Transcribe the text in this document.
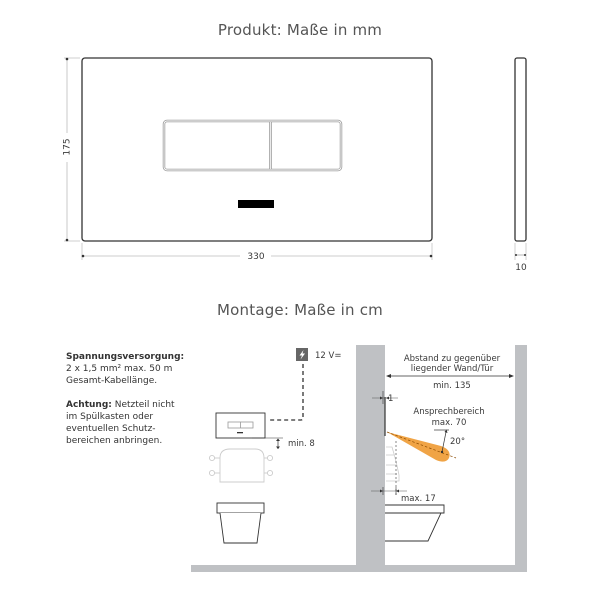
Produkt: Maße in mm
Montage: Maße in cm
175
330
10
12 V=
min. 8
1
20°
max. 17
Abstand zu gegenüber
liegender Wand/Tür
min. 135
Ansprechbereich
max. 70

Spannungsversorgung:
2 x 1,5 mm² max. 50 m
Gesamt-Kabellänge.

Achtung: Netzteil nicht
im Spülkasten oder
eventuellen Schutz-
bereichen anbringen.
